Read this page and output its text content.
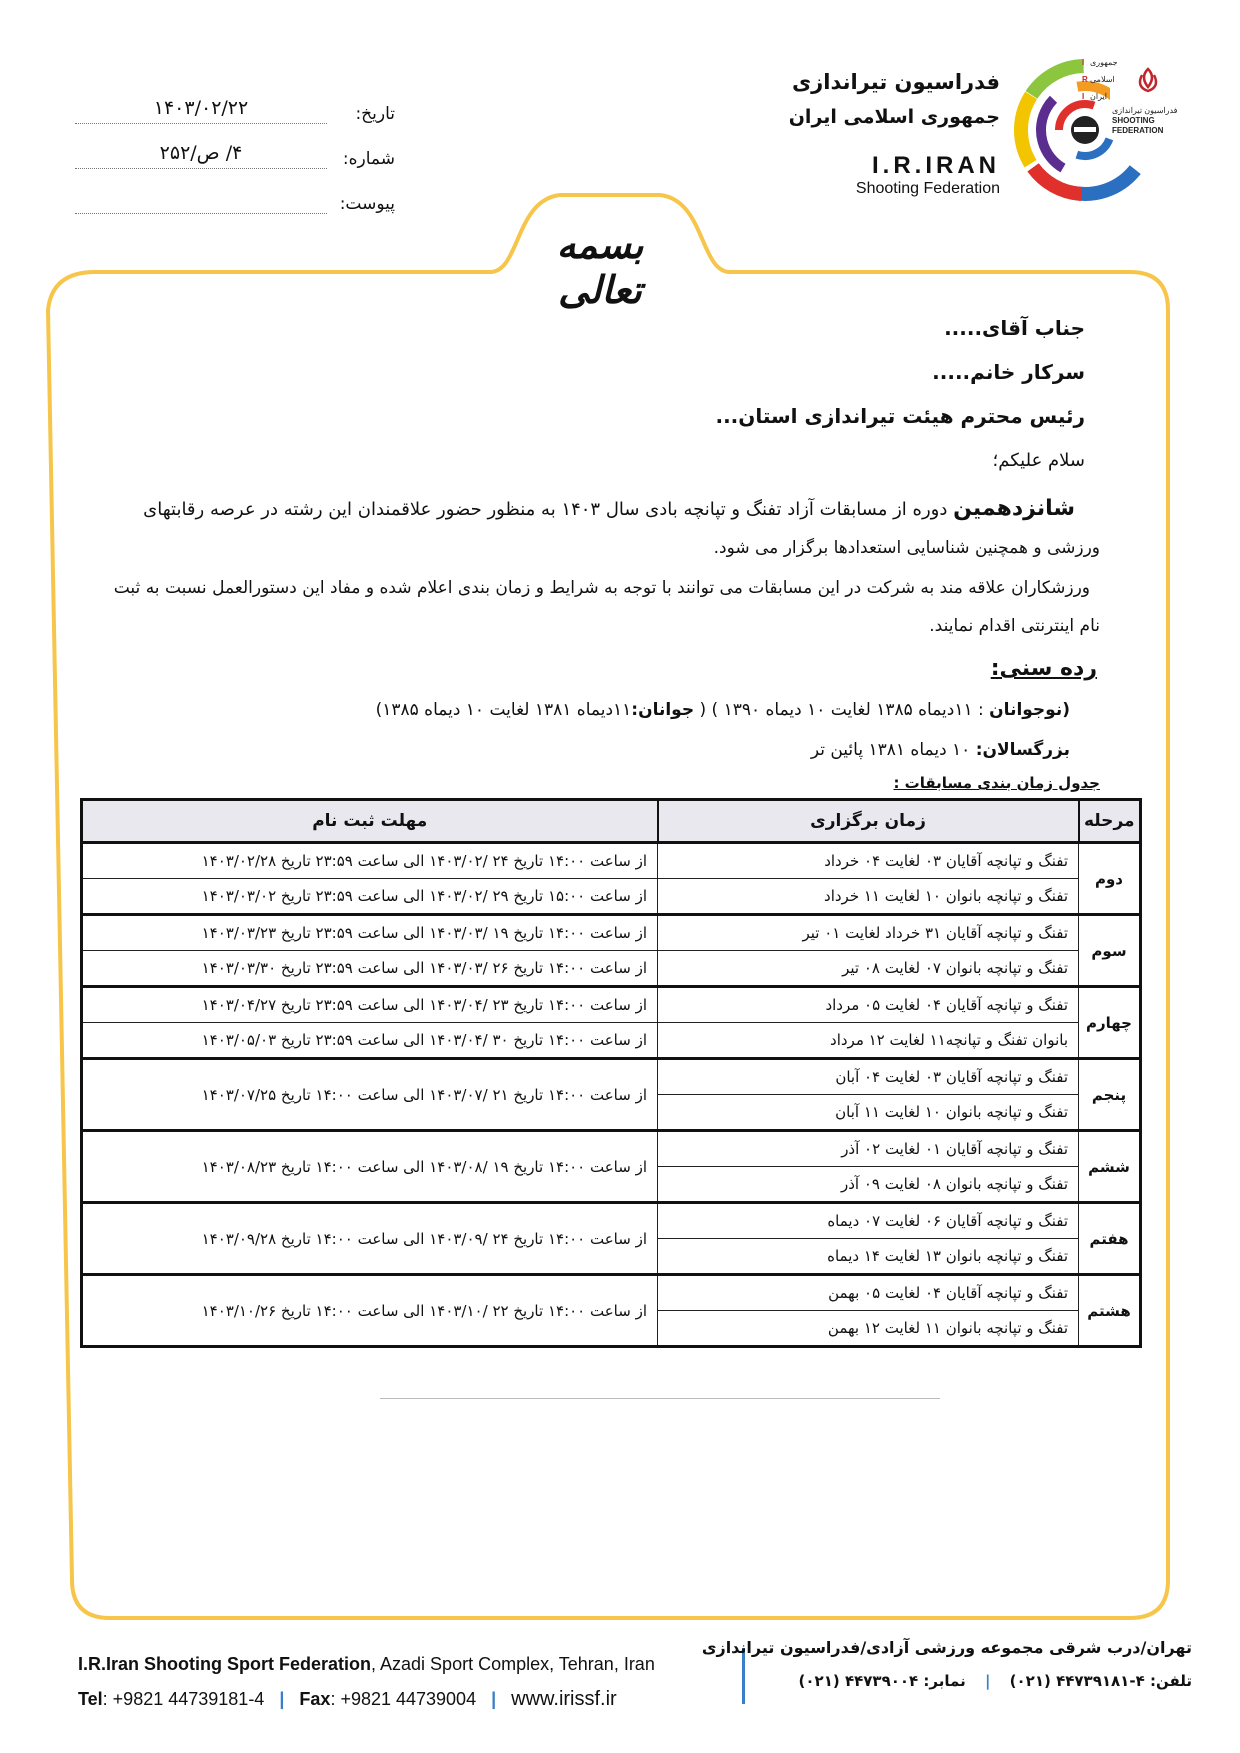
تاریخ:
۱۴۰۳/۰۲/۲۲
شماره:
۴/ ص/۲۵۲
پیوست:
فدراسیون تیراندازی
جمهوری اسلامی ایران
I.R.IRAN
Shooting Federation
I
R
I
جمهوری
اسلامی
ایران
فدراسیون تیراندازی
SHOOTING
FEDERATION
بسمه تعالی
جناب آقای.....
سرکار خانم.....
رئیس محترم هیئت تیراندازی استان...
سلام علیکم؛
شانزدهمین دوره از مسابقات آزاد تفنگ و تپانچه بادی سال ۱۴۰۳ به منظور حضور علاقمندان این رشته در عرصه رقابتهای
ورزشی و همچنین شناسایی استعدادها برگزار می شود.
ورزشکاران علاقه مند به شرکت در این مسابقات می توانند با توجه به شرایط و زمان بندی اعلام شده و مفاد این دستورالعمل نسبت به ثبت
نام اینترنتی اقدام نمایند.
رده سنی:
(نوجوانان : ۱۱دیماه ۱۳۸۵ لغایت ۱۰ دیماه ۱۳۹۰ ) ( جوانان:۱۱دیماه ۱۳۸۱ لغایت ۱۰ دیماه ۱۳۸۵)
بزرگسالان: ۱۰ دیماه ۱۳۸۱ پائین تر
جدول زمان بندی مسابقات :
مرحله	زمان برگزاری	مهلت ثبت نام
دوم	تفنگ و تپانچه آقایان ۰۳ لغایت ۰۴ خرداد	از ساعت ۱۴:۰۰ تاریخ ۲۴ /۱۴۰۳/۰۲ الی ساعت ۲۳:۵۹ تاریخ ۱۴۰۳/۰۲/۲۸
	تفنگ و تپانچه بانوان ۱۰ لغایت ۱۱ خرداد	از ساعت ۱۵:۰۰ تاریخ ۲۹ /۱۴۰۳/۰۲ الی ساعت ۲۳:۵۹ تاریخ ۱۴۰۳/۰۳/۰۲
سوم	تفنگ و تپانچه آقایان ۳۱ خرداد لغایت ۰۱ تیر	از ساعت ۱۴:۰۰ تاریخ ۱۹ /۱۴۰۳/۰۳ الی ساعت ۲۳:۵۹ تاریخ ۱۴۰۳/۰۳/۲۳
	تفنگ و تپانچه بانوان ۰۷ لغایت ۰۸ تیر	از ساعت ۱۴:۰۰ تاریخ ۲۶ /۱۴۰۳/۰۳ الی ساعت ۲۳:۵۹ تاریخ ۱۴۰۳/۰۳/۳۰
چهارم	تفنگ و تپانچه آقایان ۰۴ لغایت ۰۵ مرداد	از ساعت ۱۴:۰۰ تاریخ ۲۳ /۱۴۰۳/۰۴ الی ساعت ۲۳:۵۹ تاریخ ۱۴۰۳/۰۴/۲۷
	بانوان تفنگ و تپانچه۱۱ لغایت ۱۲ مرداد	از ساعت ۱۴:۰۰ تاریخ ۳۰ /۱۴۰۳/۰۴ الی ساعت ۲۳:۵۹ تاریخ ۱۴۰۳/۰۵/۰۳
پنجم	تفنگ و تپانچه آقایان ۰۳ لغایت ۰۴ آبان	از ساعت ۱۴:۰۰ تاریخ ۲۱ /۱۴۰۳/۰۷ الی ساعت ۱۴:۰۰ تاریخ ۱۴۰۳/۰۷/۲۵
	تفنگ و تپانچه بانوان ۱۰ لغایت ۱۱ آبان	
ششم	تفنگ و تپانچه آقایان ۰۱ لغایت ۰۲ آذر	از ساعت ۱۴:۰۰ تاریخ ۱۹ /۱۴۰۳/۰۸ الی ساعت ۱۴:۰۰ تاریخ ۱۴۰۳/۰۸/۲۳
	تفنگ و تپانچه بانوان ۰۸ لغایت ۰۹ آذر	
هفتم	تفنگ و تپانچه آقایان ۰۶ لغایت ۰۷ دیماه	از ساعت ۱۴:۰۰ تاریخ ۲۴ /۱۴۰۳/۰۹ الی ساعت ۱۴:۰۰ تاریخ ۱۴۰۳/۰۹/۲۸
	تفنگ و تپانچه بانوان ۱۳ لغایت ۱۴ دیماه	
هشتم	تفنگ و تپانچه آقایان ۰۴ لغایت ۰۵ بهمن	از ساعت ۱۴:۰۰ تاریخ ۲۲ /۱۴۰۳/۱۰ الی ساعت ۱۴:۰۰ تاریخ ۱۴۰۳/۱۰/۲۶
	تفنگ و تپانچه بانوان ۱۱ لغایت ۱۲ بهمن	
I.R.Iran Shooting Sport Federation, Azadi Sport Complex, Tehran, Iran
Tel: +9821 44739181-4 | Fax: +9821 44739004 | www.irissf.ir
تهران/درب شرقی مجموعه ورزشی آزادی/فدراسیون تیراندازی
تلفن: ۴-۴۴۷۳۹۱۸۱ (۰۲۱) | نمابر: ۴۴۷۳۹۰۰۴ (۰۲۱)
